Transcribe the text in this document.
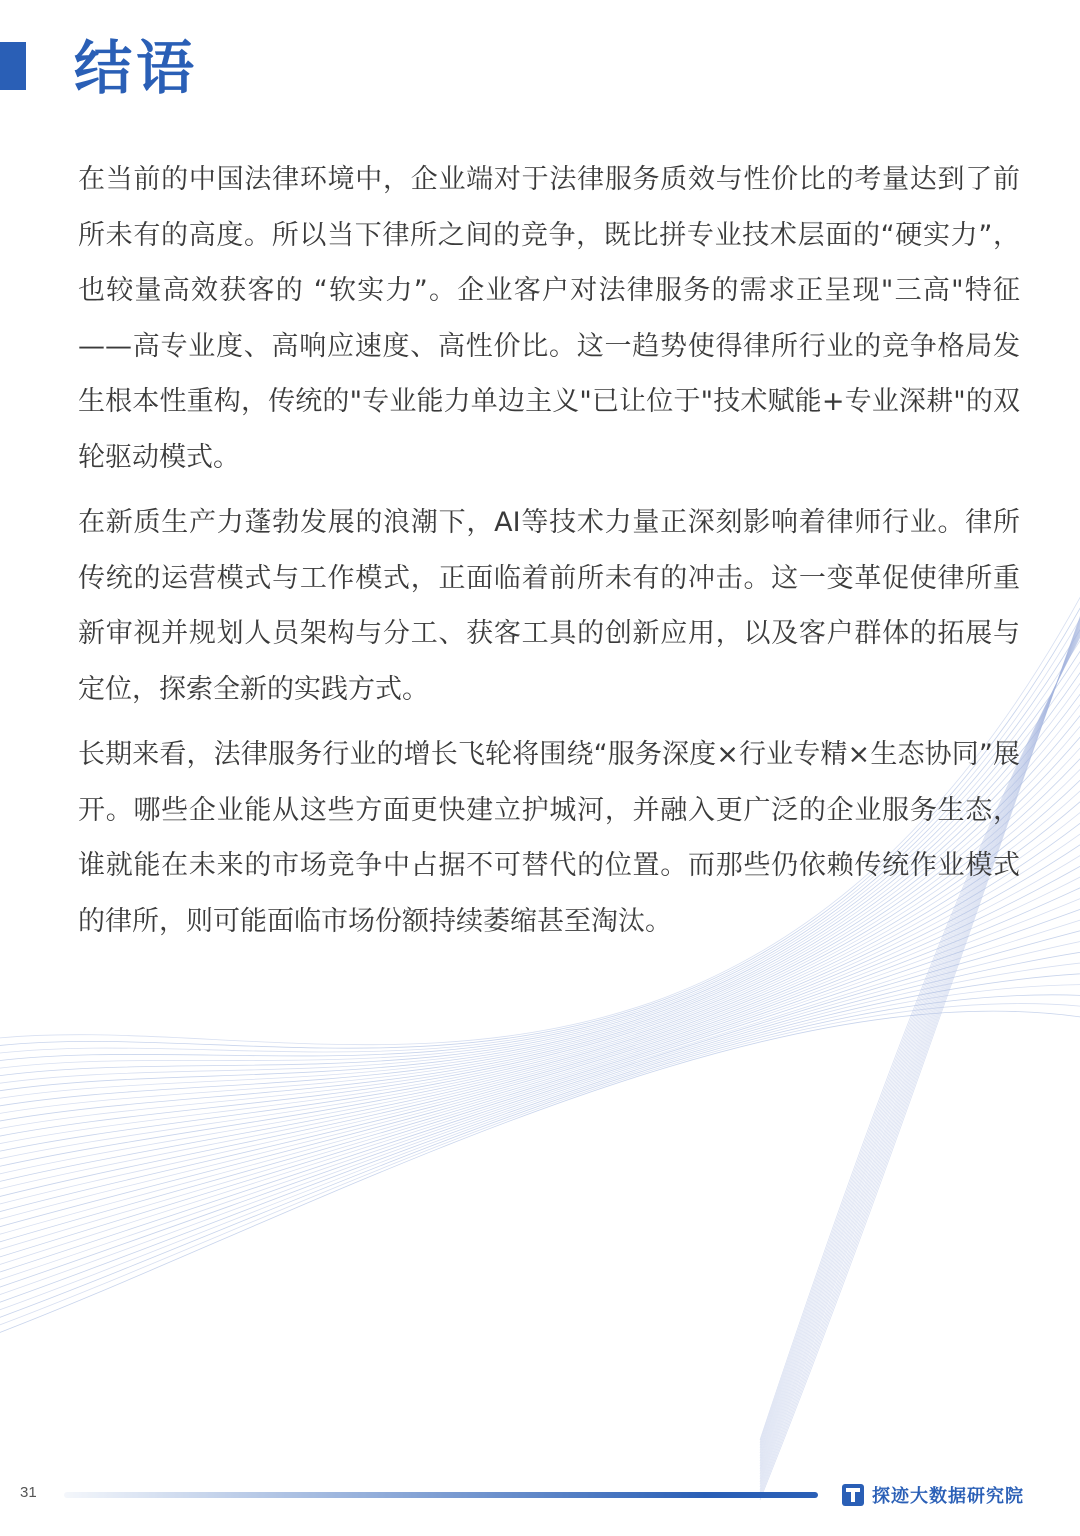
结语

在当前的中国法律环境中，企业端对于法律服务质效与性价比的考量达到了前所未有的高度。所以当下律所之间的竞争，既比拼专业技术层面的“硬实力”，也较量高效获客的 “软实力”。企业客户对法律服务的需求正呈现"三高"特征——高专业度、高响应速度、高性价比。这一趋势使得律所行业的竞争格局发生根本性重构，传统的"专业能力单边主义"已让位于"技术赋能+专业深耕"的双轮驱动模式。

在新质生产力蓬勃发展的浪潮下，AI等技术力量正深刻影响着律师行业。律所传统的运营模式与工作模式，正面临着前所未有的冲击。这一变革促使律所重新审视并规划人员架构与分工、获客工具的创新应用，以及客户群体的拓展与定位，探索全新的实践方式。

长期来看，法律服务行业的增长飞轮将围绕“服务深度×行业专精×生态协同”展开。哪些企业能从这些方面更快建立护城河，并融入更广泛的企业服务生态，谁就能在未来的市场竞争中占据不可替代的位置。而那些仍依赖传统作业模式的律所，则可能面临市场份额持续萎缩甚至淘汰。

31	探迹大数据研究院
